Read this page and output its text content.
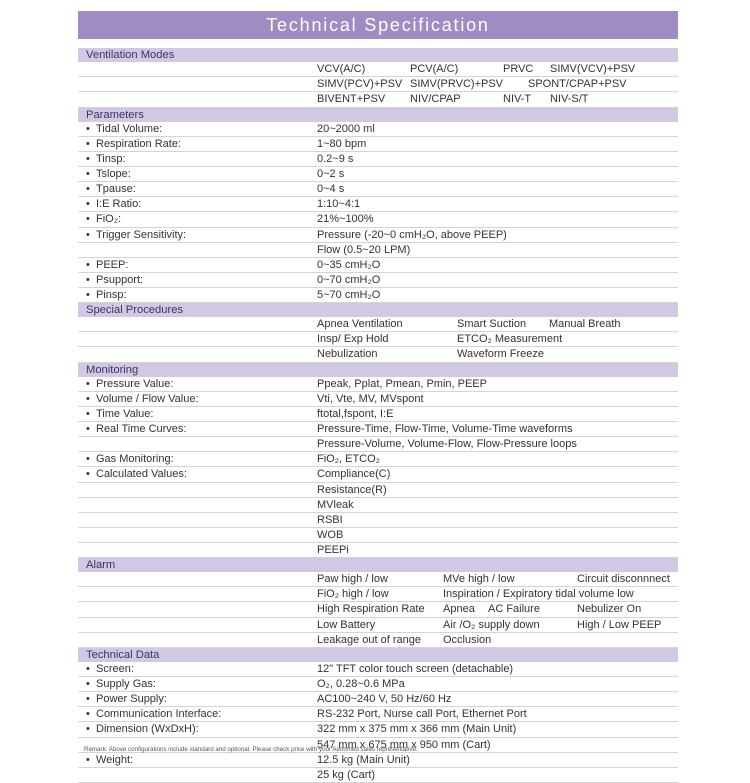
Technical Specification
Ventilation Modes
VCV(A/C)	PCV(A/C)	PRVC SIMV(VCV)+PSV
SIMV(PCV)+PSV SIMV(PRVC)+PSV SPONT/CPAP+PSV
BIVENT+PSV NIV/CPAP	NIV-T NIV-S/T
Parameters
• Tidal Volume:	20~2000 ml
• Respiration Rate:	1~80 bpm
• Tinsp:	0.2~9 s
• Tslope:	0~2 s
• Tpause:	0~4 s
• I:E Ratio:	1:10~4:1
• FiO₂:	21%~100%
• Trigger Sensitivity:	Pressure (-20~0 cmH₂O, above PEEP)
Flow (0.5~20 LPM)
• PEEP:	0~35 cmH₂O
• Psupport:	0~70 cmH₂O
• Pinsp:	5~70 cmH₂O
Special Procedures
Apnea Ventilation	Smart Suction Manual Breath
Insp/ Exp Hold	ETCO₂ Measurement
Nebulization	Waveform Freeze
Monitoring
• Pressure Value:	Ppeak, Pplat, Pmean, Pmin, PEEP
• Volume / Flow Value:	Vti, Vte, MV, MVspont
• Time Value:	ftotal,fspont, I:E
• Real Time Curves:	Pressure-Time, Flow-Time, Volume-Time waveforms
Pressure-Volume, Volume-Flow, Flow-Pressure loops
• Gas Monitoring:	FiO₂, ETCO₂
• Calculated Values:	Compliance(C)
Resistance(R)
MVleak
RSBI
WOB
PEEPi
Alarm
Paw high / low	MVe high / low	Circuit disconnnect
FiO₂ high / low	Inspiration / Expiratory tidal volume low
High Respiration Rate Apnea AC Failure	Nebulizer On
Low Battery	Air /O₂ supply down	High / Low PEEP
Leakage out of range Occlusion
Technical Data
• Screen:	12" TFT color touch screen (detachable)
• Supply Gas:	O₂, 0.28~0.6 MPa
• Power Supply:	AC100~240 V, 50 Hz/60 Hz
• Communication Interface:	RS-232 Port, Nurse call Port, Ethernet Port
• Dimension (WxDxH):	322 mm x 375 mm x 366 mm (Main Unit)
547 mm x 675 mm x 950 mm (Cart)
• Weight:	12.5 kg (Main Unit)
25 kg (Cart)
Remark: Above configurations include standard and optional. Please check price with your Aeonmed sales representative.
